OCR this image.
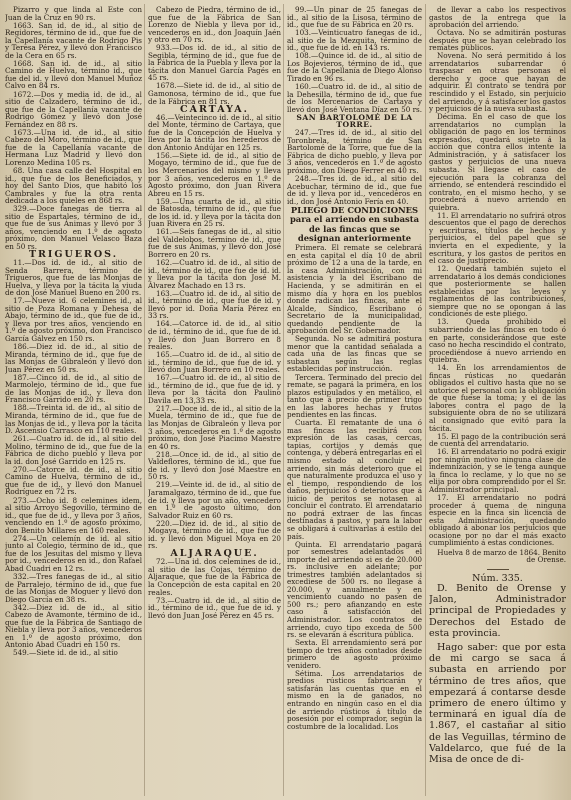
Pizarro y que linda al Este con Juan de la Cruz en 90 rs.

1663. San id. de id., al sitio de Regidores, término de id., que fue de la Capellanía vacante de Rodrigo Pis y Teresa Pérez, y llevó don Francisco de la Cera en 65 rs.

1668. San id. de id., al sitio Camino de Huelva, término id., que fue del id. y llevó don Manuel Muñoz Calvo en 84 rs.

1672.—Dos y media id. de id., al sitio de Calzadero, término de id., que fue de la Capellanía vacante de Rodrigo Gómez y llevó don José Fernández en 88 rs.

1673.—Una id. de id., al sitio Cabezo del Moro, término de id., que fue de la Capellanía vacante de Hermana Luz Madrid y llevó don Lorenzo Medina 105 rs.

68. Una casa calle del Hospital en id., que fue de los Beneficiados, y hoy del Santo Dios, que habitó los Cambrales y fue la otra renta dedicada a los quieles en 868 rs.

329.—Doce fanegas de tierra al sitio de Espartales, término de id., que fue de sus Ánimas y llevó por 3 años, venciendo en 1.º de agosto próximo, don Manuel Velasco Baza en 50 rs.

TRIGUEROS.

11.—Dos id. de id., al sitio de Senda Barrera, término de Trigueros, que fue de las Monjas de Huelva, y lleva por la tácita la viuda de don José Manuel Bueno en 200 rs.

17.—Nueve id. 6 celemines id., al sitio de Poza Romana y Dehesa de Abajo, término de id., que fue de id., y lleva por tres años, venciendo en 1.º de agosto próximo, don Francisco García Gálvez en 150 rs.

186.—Diez id. de id., al sitio de Miranda, término de id., que fue de las Monjas de Gibraleón y llevó don Juan Pérez en 50 rs.

187.—Cinco id. de id., al sitio de Marmolejo, término de id., que fue de las Monjas de id., y lleva don Francisco Garrido en 20 rs.

188.—Treinta id. de id., al sitio de Miranda, término de id., que fue de las Monjas de id., y lleva por la tácita D. Ascensio Carrasco en 110 reales.

261.—Cuatro id. de id., al sitio del Molino, término de id., que fue de la Fábrica de dicho pueblo y lleva por la id. don José Garrido en 125 rs.

270.—Catorce id. de id., al sitio Camino de Huelva, término de id., que fue de id., y llevó don Manuel Rodríguez en 72 rs.

273.—Ocho id. 8 celemines idem, al sitio Arroyo Segovillo, término de id., que fue de id., y lleva por 3 años, venciendo en 1.º de agosto próximo, don Benito Millares en 160 reales.

274.—Un celemín de id. al sitio junto al Colegio, término de id., que fue de los Jesuitas del mismo y lleva por id., vencederos en id., don Rafael Abad Cuadri en 12 rs.

332.—Tres fanegas de id., al sitio de Parralejo, término de id., que fue de las Monjas de Moguer y llevó don Diego García en 38 rs.

342.—Diez id. de id., al sitio Cabezo de Avamonte, término de id., que fue de la Fábrica de Santiago de Niebla y lleva por 3 años, vencederos en 1.º de agosto próximo, don Antonio Abad Cuadri en 150 rs.

549.—Siete id. de id., al sitio

Cabezo de Piedra, término de id., que fue de la Fábrica de San Lorenzo de Niebla y lleva por id., vencederos en id., don Joaquín Jaén y otro en 70 rs.

933.—Dos id. de id., al sitio de Segibla, término de id., que fue de la Fábrica de la Puebla y lleva por la tácita don Manuel García Pagés en 45 rs.

1678.—Siete id. de id., al sitio de Gamonosa, término de id., que fue de la Fábrica en 81 rs.

CARTAYA.

46.—Veintecinco id. de id., al sitio del Monte, término de Cartaya, que fue de la Concepción de Huelva y lleva por la tácita los herederos de don Antonio Andújar en 125 rs.

156.—Siete id. de id., al sitio de Mogayo, término de id., que fue de los Mercenarios del mismo y lleva por 3 años, vencederos en 1.º de Agosto próximo, don Juan Rivera Abreu en 15 rs.

159.—Una cuarta de id., al sitio de Batosda, término de id., que fue de los id. id. y lleva por la tácita don Juan Rivera en 25 rs.

161.—Seis fanegas de id., al sitio del Valdelobos, término de id., que fue de sus Ánimas, y llevó don José Borrero en 20 rs.

162.—Cuatro id. de id., al sitio de id., término de id., que fue de id. id. y lleva por la tácita don José M. Álvarez Machado en 13 rs.

163.—Cuatro id. de id., al sitio de id., término de id., que fue de id. y llevó por id. Doña María Pérez en 33 rs.

164.—Catorce id. de id., al sitio de id., término de id., que fue de id. y llevó don Juan Borrero en 8 reales.

165.—Cuatro id. de id., al sitio de id., término de id., que fue de id. y llevó don Juan Borrero en 10 reales.

167.—Cuatro id. de id., al sitio de id., término de id., que fue de id. y lleva por la tácita don Paulino Davila en 13,33 rs.

217.—Doce id. de id., al sitio de la Muela, término de id., que fue de las Monjas de Gibraleón y lleva por 3 años, vencederos en 1.º de agosto próximo, don José Piacimo Maestre en 40 rs.

218.—Once id. de id., al sitio de Valdeflores, término de id., que fue de id. y llevó don José Maestre en 50 rs.

219.—Veinte id. de id., al sitio de Jaramalgazo, término de id., que fue de id. y lleva por un año, vencedero en 1.º de agosto último, don Salvador Ruiz en 60 rs.

220.—Diez id. de id., al sitio de Mogaya, término de id., que fue de id. y llevó don Miguel Moya en 20 rs.

ALJARAQUE.

72.—Una id. dos celemines de id., al sitio de las Cojas, término de Aljaraque, que fue de la Fábrica de la Concepción de esta capital en 20 reales.

73.—Cuatro id. de id., al sitio de id., término de id., que fue de id. y llevó don Juan José Pérez en 45 rs.

99.—Un pinar de 25 fanegas de id., al sitio de la Lisosa, término de id., que fue de su Fábrica en 20 rs.

103.—Veinticuatro fanegas de id., al sitio de la Mezquita, término de id., que fue de id. en 143 rs.

108.—Quince id. de id., al sitio de Los Bojevieros, término de id., que fue de la Capellanía de Diego Alonso Tirado en 96 rs.

160.—Cuatro id. de id., al sitio de la Dehesilla, término de id., que fue de los Mercenarios de Cartaya y llevó don José Ventana Díaz en 50 rs.

SAN BARTOLOMÉ DE LA TORRE.

247.—Tres id. de id., al sitio del Toronbrela, término de San Bartolomé de la Torre, que fue de la Fábrica de dicho pueblo, y lleva por 3 años, vencederos en 1.º de agosto próximo, don Diego Ferrer en 40 rs.

248.—Tres id. de id., al sitio del Acebuchar, término de id., que fue de id. y lleva por id., vencederos en id., don José Antonio Fería en 40.

PLIEGO DE CONDICIONES para el arriendo en subasta de las fincas que se designan anteriormente

Primera. El remate se celebrará en esta capital el día 10 de abril próximo de 12 a una de la tarde, en la casa Administración, con mi asistencia y la del Escribano de Hacienda, y se admitirán en el mismo día y hora en los pueblos donde radican las fincas, ante el Alcalde, Síndico, Escribano ó Secretario de la municipalidad, quedando pendiente de la aprobación del Sr. Gobernador.

Segunda. No se admitirá postura menor que la cantidad señalada a cada una de las fincas que se subastan según las reglas establecidas por instrucción.

Tercera. Terminado del precio del remate, se pagará la primera, en los plazos estipulados y en metálico, el tanto que á precio de primer trigo en las labores hechas y frutos pendientes en las fincas.

Cuarta. El rematante de una ó mas fincas las recibirá con expresión de las casas, cercas, tapias, cortijos y demás que contenga, y deberá entregarlas en el mismo estado al concluir el arriendo, sin más deterioro que el que naturalmente produzca el uso y el tiempo, respondiendo de los daños, perjuicios ó deterioros que á juicio de peritos se notasen al concluir el contrato. El arrendatario no podrá extraer de las fincas destinadas á pastos, y para la labor se obligará á cultivarlas á estilo del país.

Quinta. El arrendatario pagará por semestres adelantados el importe del arriendo si es de 20.000 rs. inclusive en adelante; por trimestres también adelantados si excediese de 500 rs. no llegase á 20.000, y anualmente y en vencimiento cuando no pasen de 500 rs.; pero afianzando en este caso á satisfacción del Administrador. Los contratos de arriendo, cuyo tipo exceda de 500 rs. se elevarán á escritura pública.

Sexta. El arrendamiento será por tiempo de tres años contados desde primero de agosto próximo venidero.

Sétima. Los arrendatarios de predios rústicos fabricarán y satisfarán las cuentas que en el mismo en la de ganados, no entrando en ningún caso en el dia de arriendo rústicos á título de posesión por el comprador, según la costumbre de la localidad. Los

de llevar a cabo los respectivos gastos de la entrega que la aprobación del arriendo.

Octava. No se admitirán posturas después que se hayan celebrado los remates públicos.

Novena. No será permitido á los arrendatarios subarrendar ó traspasar en otras personas el derecho y goce que hayan de adquirir. El contrato se tendrá por rescindido y el Estado, sin perjuicio del arriendo, y á satisfacer los gastos y perjuicios de la nueva subasta.

Décima. En el caso de que los arrendatarios no cumplan la obligación de pago en los términos expresados, quedará sujeto á la acción que contra ellos intente la Administración, y á satisfacer los gastos y perjuicios de una nueva subasta. Si llegase el caso de ejecución para la cobranza del arriendo, se entenderá rescindido el contrato, en el mismo hecho, y se procederá á nuevo arriendo en quiebra.

11. El arrendatario no sufrirá otros descuentos que el pago de derechos y escrituras, títulos de hechos y perjuicios, el del papel que se invierta en el expediente, y la escritura, y los gastos de peritos en el caso de justiprecio.

12. Quedará también sujeto el arrendatario á los demás condiciones que posteriormente se hallen establecidas por las leyes y reglamentos de las contribuciones, siempre que no se opongan á las condiciones de este pliego.

13. Queda prohibido el subarriendo de las fincas en todo ó en parte, considerándose que este caso no hecha rescindido el contrato, procediéndose á nuevo arriendo en quiebra.

14. En los arrendamientos de fincas rústicas no quedarán obligados el cultivo hasta que no se autorice el personal con la obligación de que fuese la toma; y el de las labores contra el pago de la subsiguiente obra de no se utilizará al consignado que evitó para la tácita.

15. El pago de la contribución será de cuenta del arrendatario.

16. El arrendatario no podrá exigir por ningún motivo ninguna clase de indemnización, y se le tenga aunque la finca lo reclame, y lo que no se elija por obra comprendido por el Sr. Administrador principal.

17. El arrendatario no podrá proceder á quema de ninguna especie en la finca sin licencia de esta Administración, quedando obligado á abonar los perjuicios que ocasione por no dar el más exacto cumplimiento á estas condiciones.

Huelva 8 de marzo de 1864. Benito de Orense.

Núm. 335.

D. Benito de Orense y Jalon, Administrador principal de Propiedades y Derechos del Estado de esta provincia.

Hago saber: que por esta de mi cargo se saca á subasta en arriendo por término de tres años, que empezará á contarse desde primero de enero último y terminará en igual día de 1.867, el castañar al sitio de las Veguillas, término de Valdelarco, que fué de la Misa de once de di-
